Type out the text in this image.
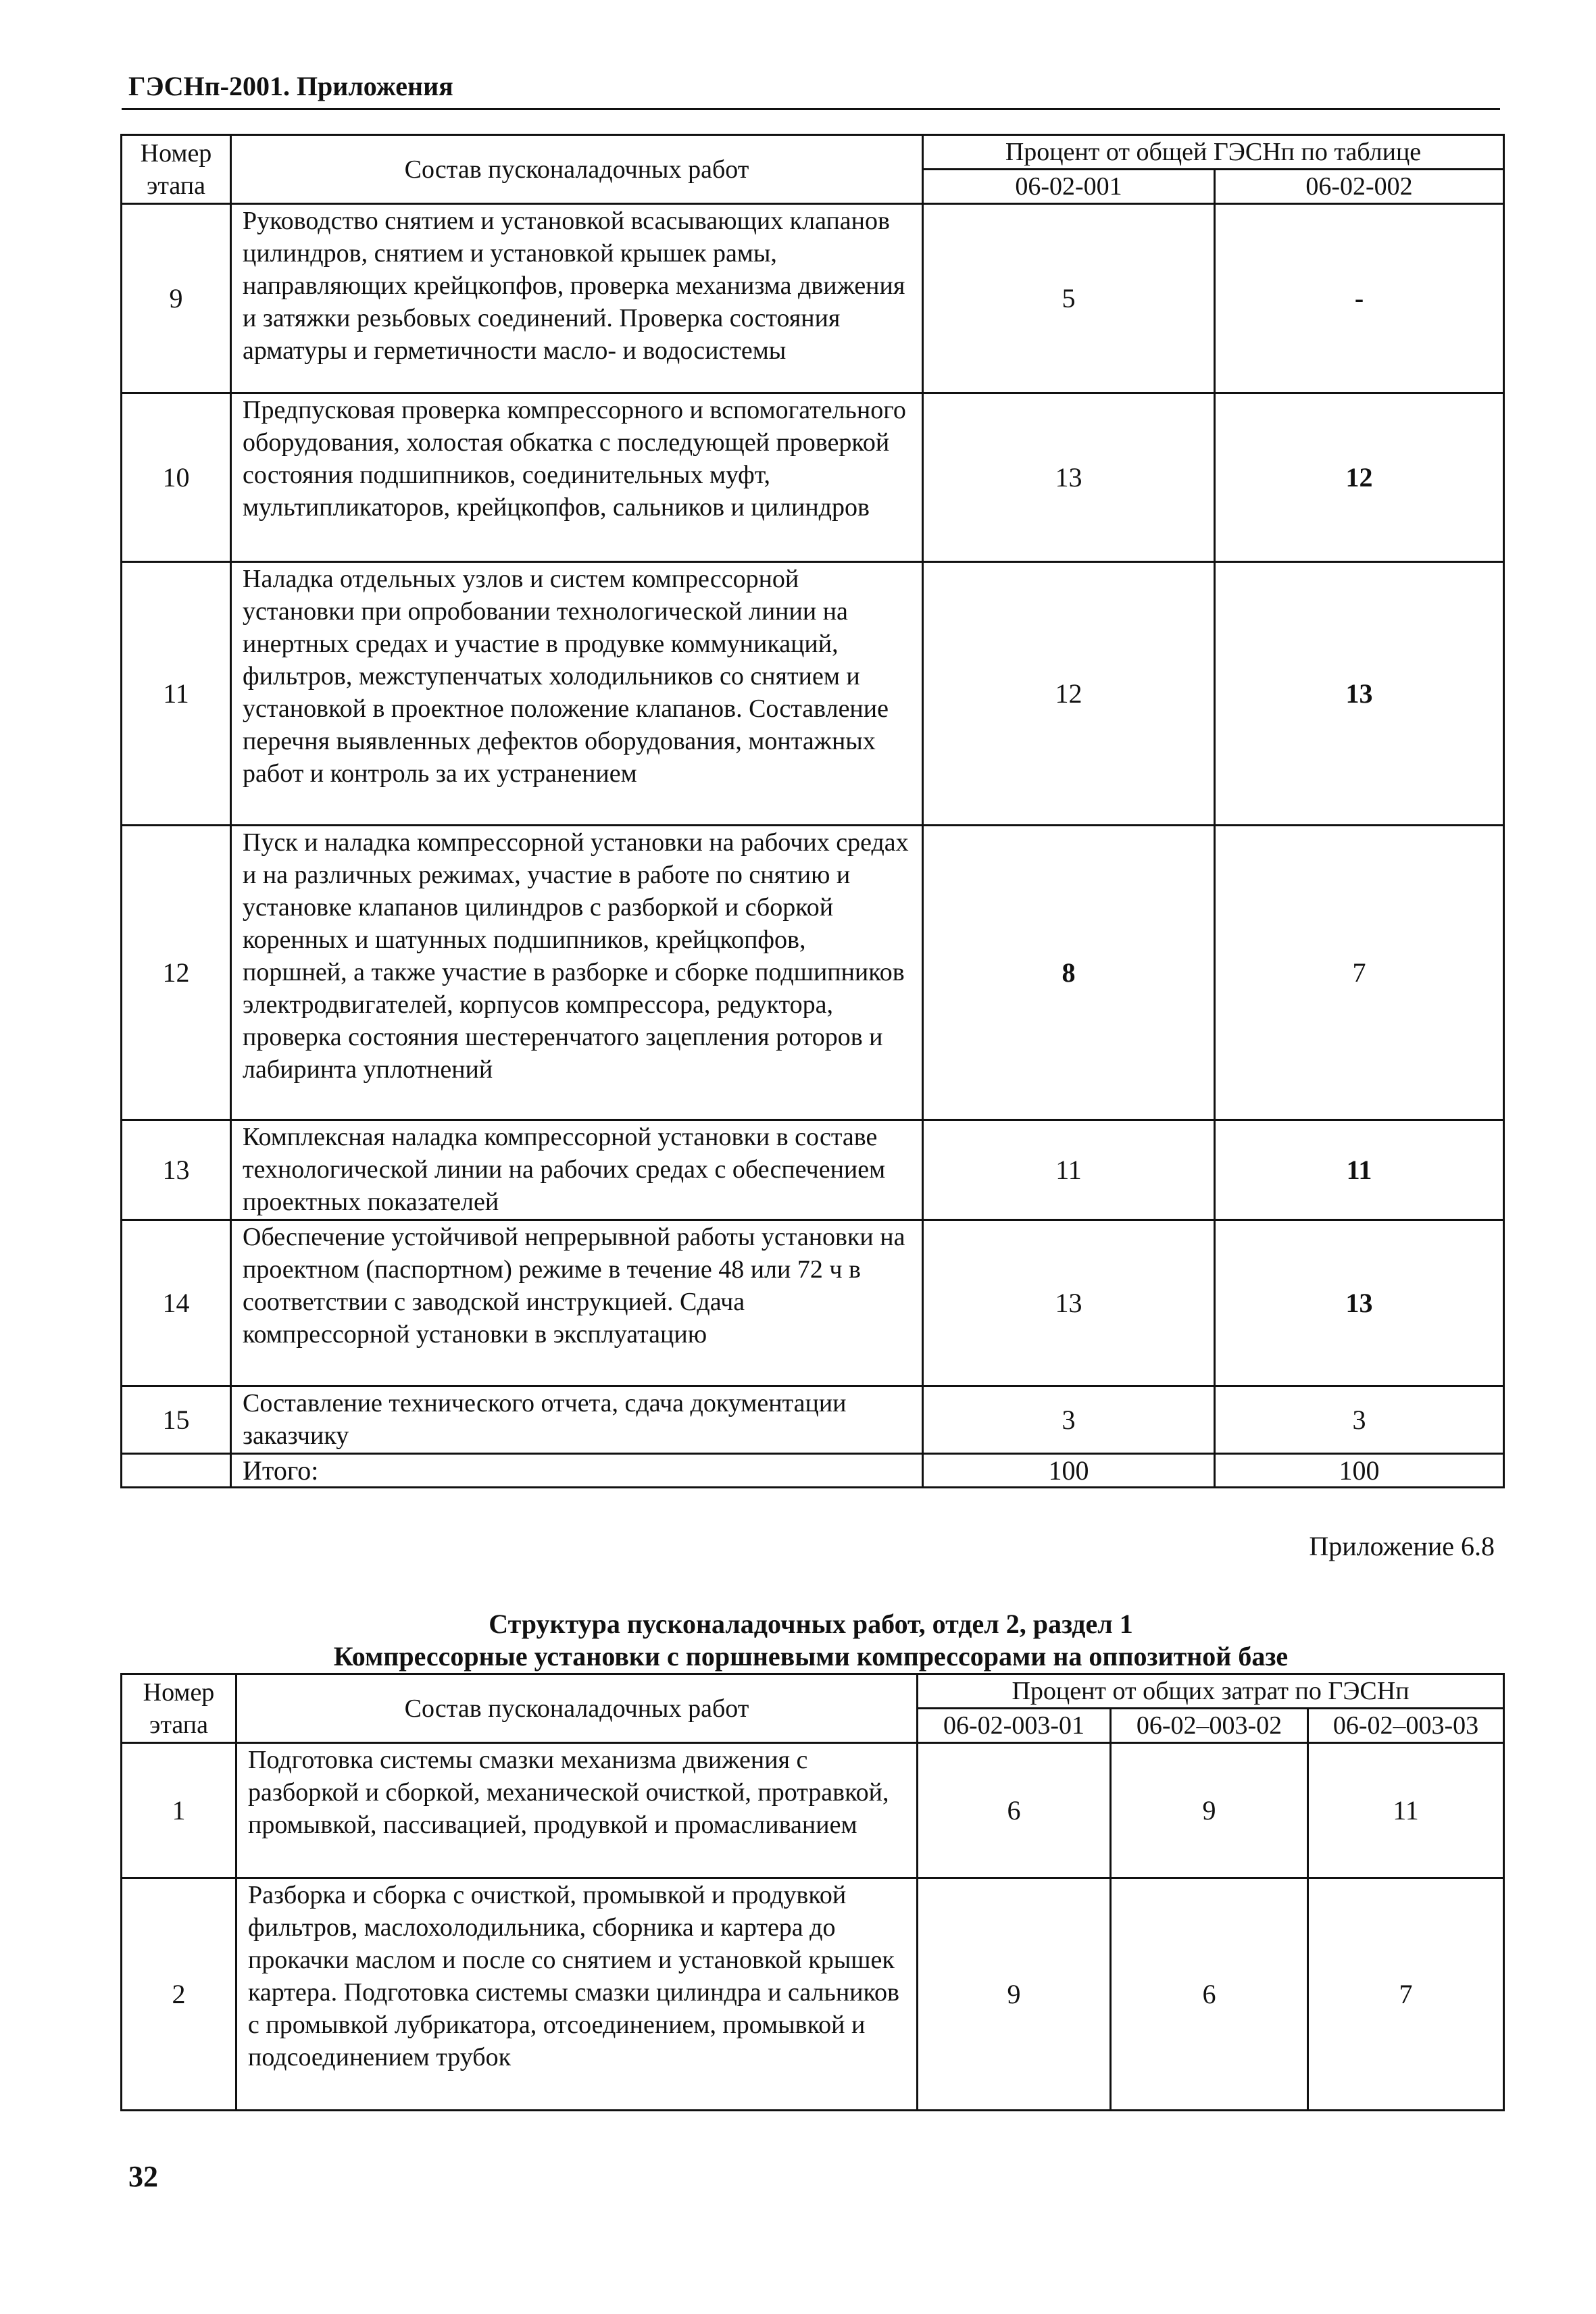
ГЭСНп-2001. Приложения
Номер этапа	Состав пусконаладочных работ	Процент от общей ГЭСНп по таблице	
		06-02-001	06-02-002
9	Руководство снятием и установкой всасывающих клапанов цилиндров, снятием и установкой крышек рамы, направляющих крейцкопфов, проверка механизма движения и затяжки резьбовых соединений. Проверка состояния арматуры и герметичности масло- и водосистемы	5	-
10	Предпусковая проверка компрессорного и вспомогательного оборудования, холостая обкатка с последующей проверкой состояния подшипников, соединительных муфт, мультипликаторов, крейцкопфов, сальников и цилиндров	13	12
11	Наладка отдельных узлов и систем компрессорной установки при опробовании технологической линии на инертных средах и участие в продувке коммуникаций, фильтров, межступенчатых холодильников со снятием и установкой в проектное положение клапанов. Составление перечня выявленных дефектов оборудования, монтажных работ и контроль за их устранением	12	13
12	Пуск и наладка компрессорной установки на рабочих средах и на различных режимах, участие в работе по снятию и установке клапанов цилиндров с разборкой и сборкой коренных и шатунных подшипников, крейцкопфов, поршней, а также участие в разборке и сборке подшипников электродвигателей, корпусов компрессора, редуктора, проверка состояния шестеренчатого зацепления роторов и лабиринта уплотнений	8	7
13	Комплексная наладка компрессорной установки в составе технологической линии на рабочих средах с обеспечением проектных показателей	11	11
14	Обеспечение устойчивой непрерывной работы установки на проектном (паспортном) режиме в течение 48 или 72 ч в соответствии с заводской инструкцией. Сдача компрессорной установки в эксплуатацию	13	13
15	Составление технического отчета, сдача документации заказчику	3	3
	Итого:	100	100
Приложение 6.8
Структура пусконаладочных работ, отдел 2, раздел 1
Компрессорные установки с поршневыми компрессорами на оппозитной базе
Номер этапа	Состав пусконаладочных работ	Процент от общих затрат по ГЭСНп		
		06-02-003-01	06-02–003-02	06-02–003-03
1	Подготовка системы смазки механизма движения с разборкой и сборкой, механической очисткой, протравкой, промывкой, пассивацией, продувкой и промасливанием	6	9	11
2	Разборка и сборка с очисткой, промывкой и продувкой фильтров, маслохолодильника, сборника и картера до прокачки маслом и после со снятием и установкой крышек картера. Подготовка системы смазки цилиндра и сальников с промывкой лубрикатора, отсоединением, промывкой и подсоединением трубок	9	6	7
32
